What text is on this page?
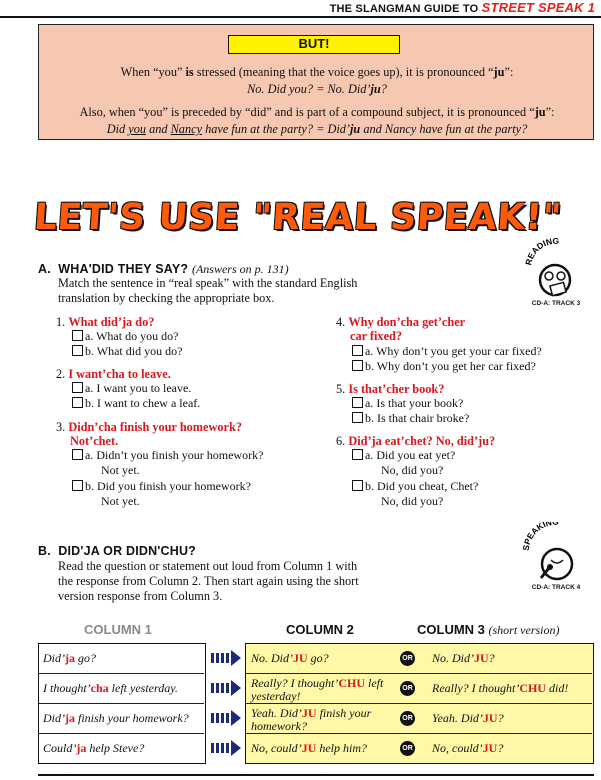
THE SLANGMAN GUIDE TO STREET SPEAK 1
BUT!
When “you” is stressed (meaning that the voice goes up), it is pronounced “ju”:
No. Did you? = No. Did’ju?
Also, when “you” is preceded by “did” and is part of a compound subject, it is pronounced “ju”:
Did you and Nancy have fun at the party? = Did’ju and Nancy have fun at the party?
LET'S USE "REAL SPEAK!"
A. WHA'DID THEY SAY? (Answers on p. 131)
Match the sentence in “real speak” with the standard English
translation by checking the appropriate box.
READING
CD-A: TRACK 3
1. What did’ja do?
a. What do you do?
b. What did you do?
2. I want’cha to leave.
a. I want you to leave.
b. I want to chew a leaf.
3. Didn’cha finish your homework?
Not’chet.
a. Didn’t you finish your homework?
Not yet.
b. Did you finish your homework?
Not yet.
4. Why don’cha get’cher
car fixed?
a. Why don’t you get your car fixed?
b. Why don’t you get her car fixed?
5. Is that’cher book?
a. Is that your book?
b. Is that chair broke?
6. Did’ja eat’chet? No, did’ju?
a. Did you eat yet?
No, did you?
b. Did you cheat, Chet?
No, did you?
B. DID'JA OR DIDN'CHU?
Read the question or statement out loud from Column 1 with
the response from Column 2. Then start again using the short
version response from Column 3.
SPEAKIN
CD-A: TRACK 4
COLUMN 1	COLUMN 2	COLUMN 3 (short version)
Did’ja go?
I thought’cha left yesterday.
Did’ja finish your homework?
Could’ja help Steve?
No. Did’JU go?
Really? I thought’CHU left
yesterday!
Yeah. Did’JU finish your
homework?
No, could’JU help him?
OR
OR
OR
OR
No. Did’JU?
Really? I thought’CHU did!
Yeah. Did’JU?
No, could’JU?
